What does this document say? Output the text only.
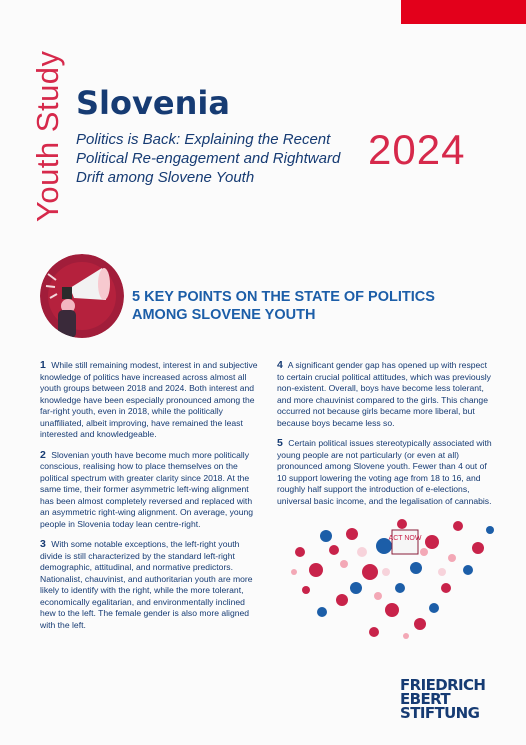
Youth Study Slovenia
Politics is Back: Explaining the Recent Political Re-engagement and Rightward Drift among Slovene Youth
2024
5 KEY POINTS ON THE STATE OF POLITICS AMONG SLOVENE YOUTH

1 While still remaining modest, interest in and subjective knowledge of politics have increased across almost all youth groups between 2018 and 2024. Both interest and knowledge have been especially pronounced among the far-right youth, even in 2018, while the politically unaffiliated, albeit improving, have remained the least interested and knowledgeable.

2 Slovenian youth have become much more politically conscious, realising how to place themselves on the political spectrum with greater clarity since 2018. At the same time, their former asymmetric left-wing alignment has been almost completely reversed and replaced with an asymmetric right-wing alignment. On average, young people in Slovenia today lean centre-right.

3 With some notable exceptions, the left-right youth divide is still characterized by the standard left-right demographic, attitudinal, and normative predictors. Nationalist, chauvinist, and authoritarian youth are more likely to identify with the right, while the more tolerant, economically egalitarian, and environmentally inclined hew to the left. The female gender is also more aligned with the left.

4 A significant gender gap has opened up with respect to certain crucial political attitudes, which was previously non-existent. Overall, boys have become less tolerant, and more chauvinist compared to the girls. This change occurred not because girls became more liberal, but because boys became less so.

5 Certain political issues stereotypically associated with young people are not particularly (or even at all) pronounced among Slovene youth. Fewer than 4 out of 10 support lowering the voting age from 18 to 16, and roughly half support the introduction of e-elections, universal basic income, and the legalisation of cannabis.

ACT NOW
FRIEDRICH
EBERT
STIFTUNG
